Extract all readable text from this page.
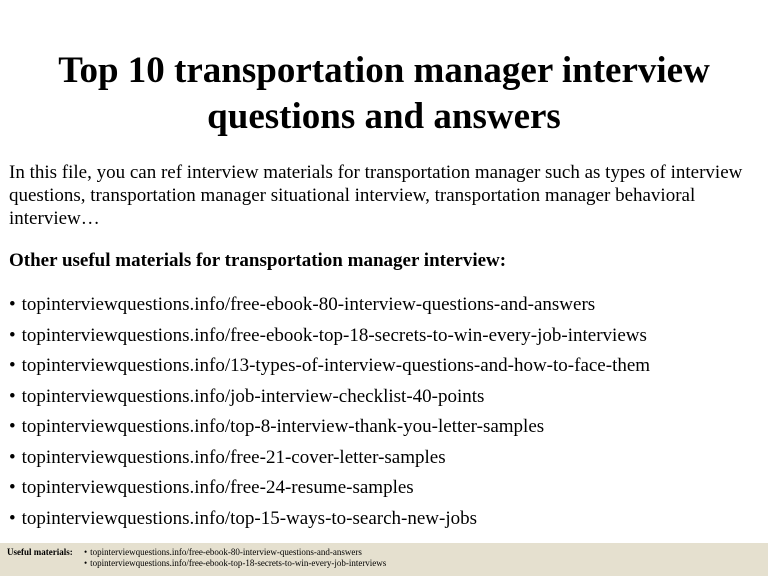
Top 10 transportation manager interview questions and answers
In this file, you can ref interview materials for transportation manager such as types of interview questions, transportation manager situational interview, transportation manager behavioral interview…
Other useful materials for transportation manager interview:
• topinterviewquestions.info/free-ebook-80-interview-questions-and-answers
• topinterviewquestions.info/free-ebook-top-18-secrets-to-win-every-job-interviews
• topinterviewquestions.info/13-types-of-interview-questions-and-how-to-face-them
• topinterviewquestions.info/job-interview-checklist-40-points
• topinterviewquestions.info/top-8-interview-thank-you-letter-samples
• topinterviewquestions.info/free-21-cover-letter-samples
• topinterviewquestions.info/free-24-resume-samples
• topinterviewquestions.info/top-15-ways-to-search-new-jobs
Useful materials:
•	topinterviewquestions.info/free-ebook-80-interview-questions-and-answers
• topinterviewquestions.info/free-ebook-top-18-secrets-to-win-every-job-interviews
